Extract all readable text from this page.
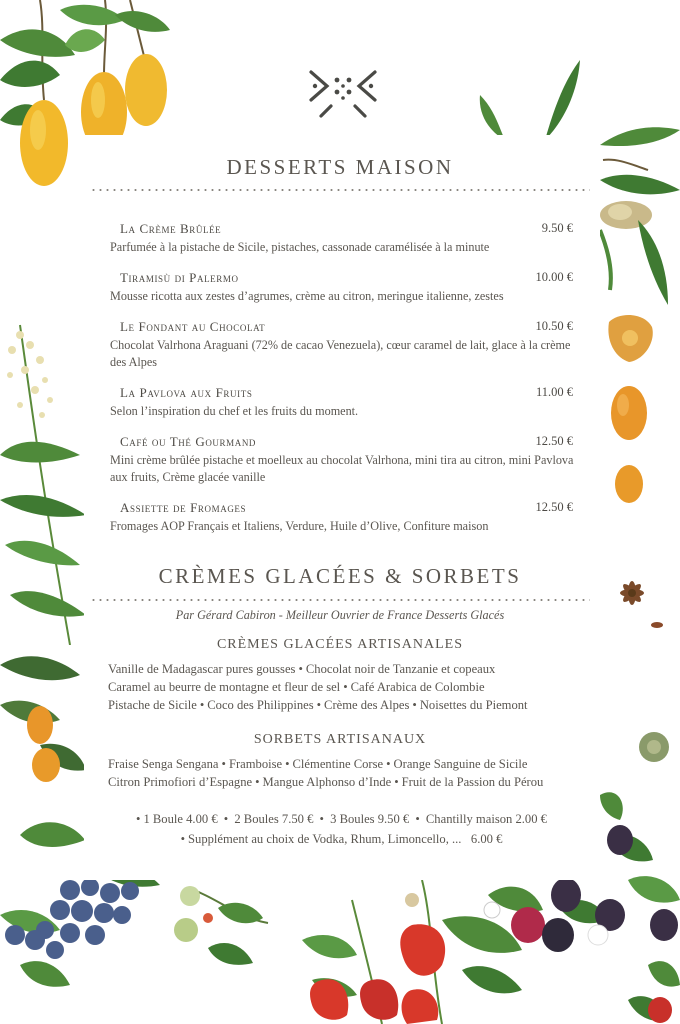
DESSERTS MAISON
La Crème Brûlée	9.50 €
Parfumée à la pistache de Sicile, pistaches, cassonade caramélisée à la minute
Tiramisù di Palermo	10.00 €
Mousse ricotta aux zestes d’agrumes, crème au citron, meringue italienne, zestes
Le Fondant au Chocolat	10.50 €
Chocolat Valrhona Araguani (72% de cacao Venezuela), cœur caramel de lait, glace à la crème des Alpes
La Pavlova aux Fruits	11.00 €
Selon l’inspiration du chef et les fruits du moment.
Café ou Thé Gourmand	12.50 €
Mini crème brûlée pistache et moelleux au chocolat Valrhona, mini tira au citron, mini Pavlova aux fruits, Crème glacée vanille
Assiette de Fromages	12.50 €
Fromages AOP Français et Italiens, Verdure, Huile d’Olive, Confiture maison
CRÈMES GLACÉES & SORBETS
Par Gérard Cabiron - Meilleur Ouvrier de France Desserts Glacés
CRÈMES GLACÉES ARTISANALES
Vanille de Madagascar pures gousses • Chocolat noir de Tanzanie et copeaux
Caramel au beurre de montagne et fleur de sel • Café Arabica de Colombie
Pistache de Sicile • Coco des Philippines • Crème des Alpes • Noisettes du Piemont
SORBETS ARTISANAUX
Fraise Senga Sengana • Framboise • Clémentine Corse • Orange Sanguine de Sicile
Citron Primofiori d’Espagne • Mangue Alphonso d’Inde • Fruit de la Passion du Pérou
• 1 Boule 4.00 € • 2 Boules 7.50 € • 3 Boules 9.50 € • Chantilly maison 2.00 €
• Supplément au choix de Vodka, Rhum, Limoncello, ... 6.00 €
